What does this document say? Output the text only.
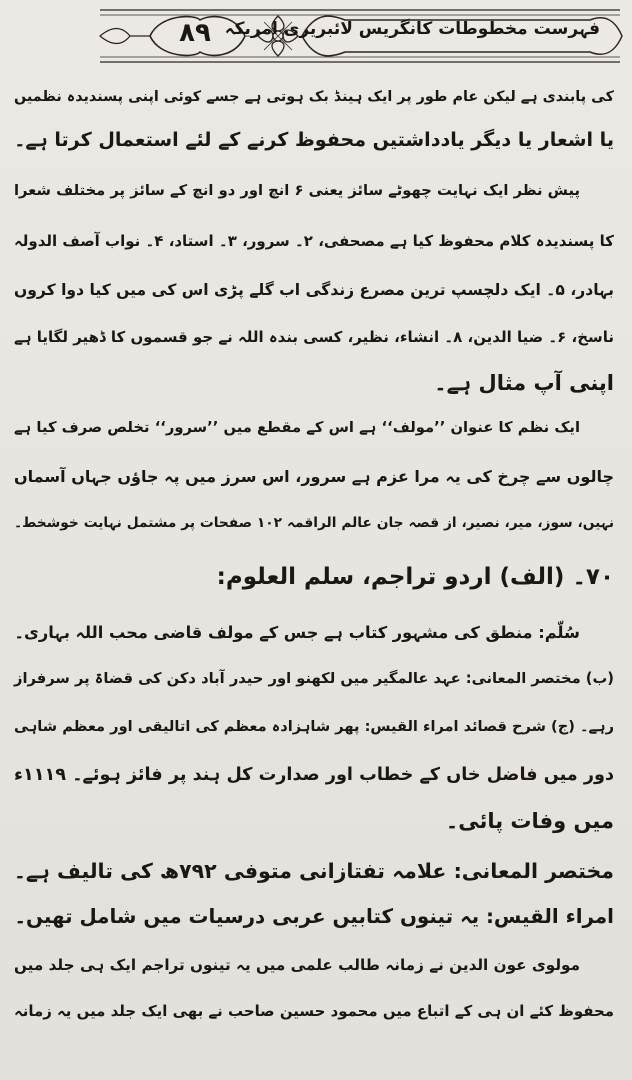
۸۹ فہرست مخطوطات کانگریس لائبریری امریکہ
کی پابندی ہے لیکن عام طور پر ایک ہینڈ بک ہوتی ہے جسے کوئی اپنی پسندیدہ نظمیں
یا اشعار یا دیگر یادداشتیں محفوظ کرنے کے لئے استعمال کرتا ہے۔
پیش نظر ایک نہایت چھوٹے سائز یعنی ۶ انچ اور دو انچ کے سائز پر مختلف شعرا
کا پسندیدہ کلام محفوظ کیا ہے مصحفی، ۲۔ سرور، ۳۔ استاد، ۴۔ نواب آصف الدولہ
بہادر، ۵۔ ایک دلچسپ ترین مصرع زندگی اب گلے پڑی اس کی میں کیا دوا کروں
ناسخ، ۶۔ ضیا الدین، ۸۔ انشاء، نظیر، کسی بندہ اللہ نے جو قسموں کا ڈھیر لگایا ہے
اپنی آپ مثال ہے۔
ایک نظم کا عنوان ’’مولف‘‘ ہے اس کے مقطع میں ’’سرور‘‘ تخلص صرف کیا ہے
چالوں سے چرخ کی یہ مرا عزم ہے سرور، اس سرز میں پہ جاؤں جہاں آسماں
نہیں، سوز، میر، نصیر، از قصہ جان عالم الراقمہ ۱۰۲ صفحات پر مشتمل نہایت خوشخط۔
۷۰۔ (الف) اردو تراجم، سلم العلوم:
سُلّم: منطق کی مشہور کتاب ہے جس کے مولف قاضی محب اللہ بہاری۔
(ب) مختصر المعانی: عہد عالمگیر میں لکھنو اور حیدر آباد دکن کی قضاۃ پر سرفراز
رہے۔ (ج) شرح قصائد امراء القیس: پھر شاہزادہ معظم کی اتالیقی اور معظم شاہی
دور میں فاضل خاں کے خطاب اور صدارت کل ہند پر فائز ہوئے۔ ۱۱۱۹ء
میں وفات پائی۔
مختصر المعانی: علامہ تفتازانی متوفی ۷۹۲ھ کی تالیف ہے۔
امراء القیس: یہ تینوں کتابیں عربی درسیات میں شامل تھیں۔
مولوی عون الدین نے زمانہ طالب علمی میں یہ تینوں تراجم ایک ہی جلد میں
محفوظ کئے ان ہی کے اتباع میں محمود حسین صاحب نے بھی ایک جلد میں یہ زمانہ
